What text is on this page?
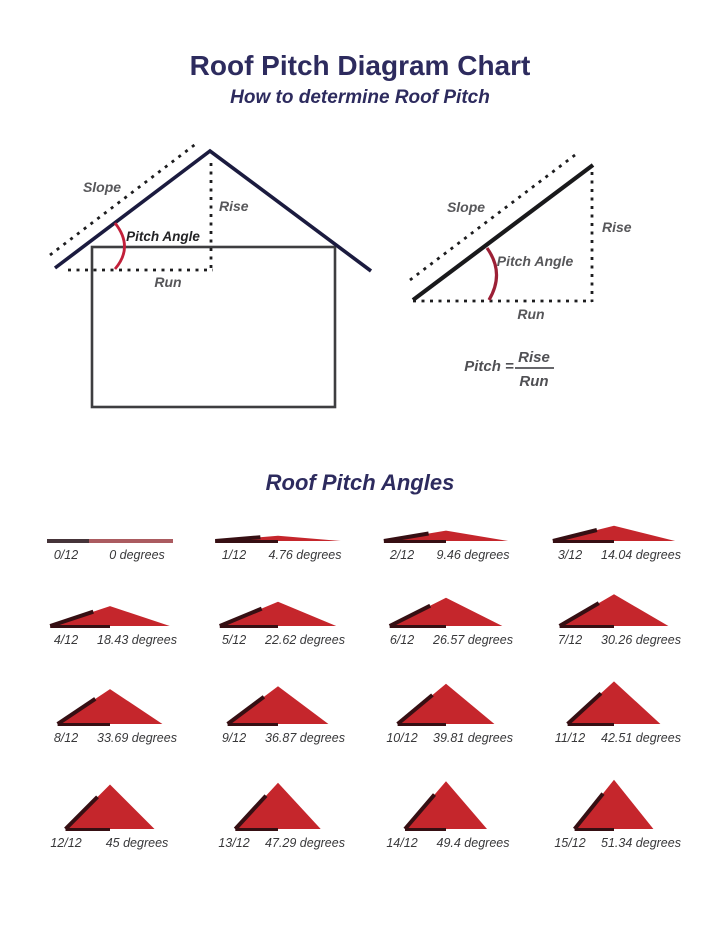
Roof Pitch Diagram Chart
How to determine Roof Pitch
Slope
Rise
Pitch Angle
Run
Slope
Rise
Pitch Angle
Run
Pitch =
Rise
Run
Roof Pitch Angles
0/12	0 degrees	1/12	4.76 degrees	2/12	9.46 degrees	3/12	14.04 degrees
4/12	18.43 degrees	5/12	22.62 degrees	6/12	26.57 degrees	7/12	30.26 degrees
8/12	33.69 degrees	9/12	36.87 degrees	10/12	39.81 degrees	11/12	42.51 degrees
12/12	45 degrees	13/12	47.29 degrees	14/12	49.4 degrees	15/12	51.34 degrees
